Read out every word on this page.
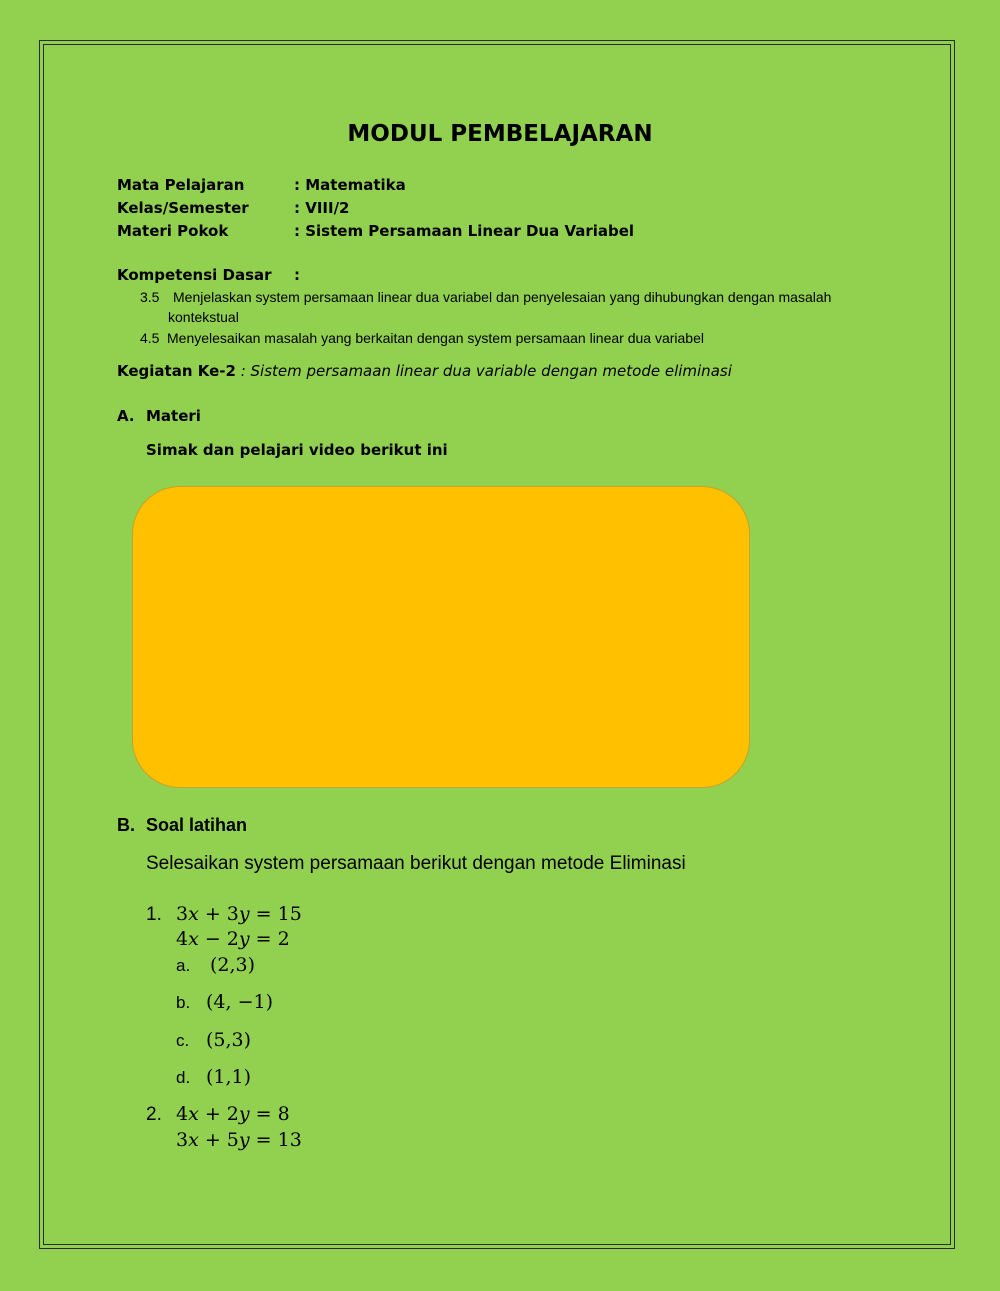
MODUL PEMBELAJARAN
Mata Pelajaran	: Matematika
Kelas/Semester	: VIII/2
Materi Pokok	: Sistem Persamaan Linear Dua Variabel
Kompetensi Dasar :
3.5 Menjelaskan system persamaan linear dua variabel dan penyelesaian yang dihubungkan dengan masalah
kontekstual
4.5 Menyelesaikan masalah yang berkaitan dengan system persamaan linear dua variabel
Kegiatan Ke-2 : Sistem persamaan linear dua variable dengan metode eliminasi
A. Materi
Simak dan pelajari video berikut ini
B. Soal latihan
Selesaikan system persamaan berikut dengan metode Eliminasi
1. 3𝑥 + 3𝑦 = 15
4𝑥 − 2𝑦 = 2
a. (2,3)
b. (4, −1)
c. (5,3)
d. (1,1)
2. 4𝑥 + 2𝑦 = 8
3𝑥 + 5𝑦 = 13
